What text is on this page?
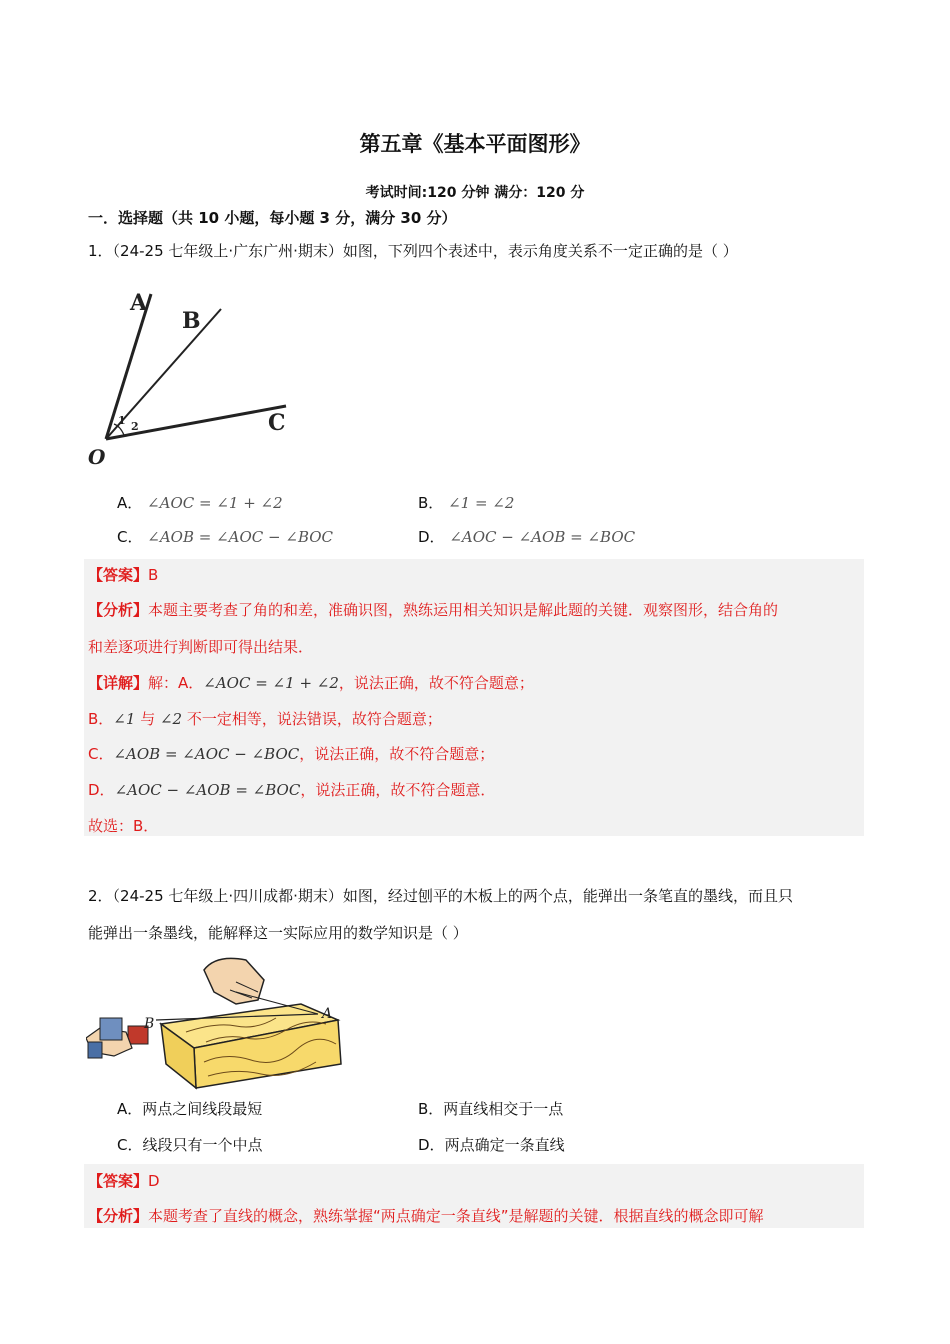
第五章《基本平面图形》
考试时间:120 分钟 满分：120 分
一．选择题（共 10 小题，每小题 3 分，满分 30 分）
1．（24-25 七年级上·广东广州·期末）如图，下列四个表述中，表示角度关系不一定正确的是（ ）
A
B
C
O
1 2
A． ∠AOC = ∠1 + ∠2	B． ∠1 = ∠2
C． ∠AOB = ∠AOC − ∠BOC	D． ∠AOC − ∠AOB = ∠BOC
【答案】B
【分析】本题主要考查了角的和差，准确识图，熟练运用相关知识是解此题的关键．观察图形，结合角的
和差逐项进行判断即可得出结果．
【详解】解：A．∠AOC = ∠1 + ∠2，说法正确，故不符合题意；
B．∠1 与 ∠2 不一定相等，说法错误，故符合题意；
C．∠AOB = ∠AOC − ∠BOC，说法正确，故不符合题意；
D．∠AOC − ∠AOB = ∠BOC，说法正确，故不符合题意．
故选：B．
2．（24-25 七年级上·四川成都·期末）如图，经过刨平的木板上的两个点，能弹出一条笔直的墨线，而且只
能弹出一条墨线，能解释这一实际应用的数学知识是（ ）
B
A
A．两点之间线段最短	B．两直线相交于一点
C．线段只有一个中点	D．两点确定一条直线
【答案】D
【分析】本题考查了直线的概念，熟练掌握“两点确定一条直线”是解题的关键．根据直线的概念即可解
